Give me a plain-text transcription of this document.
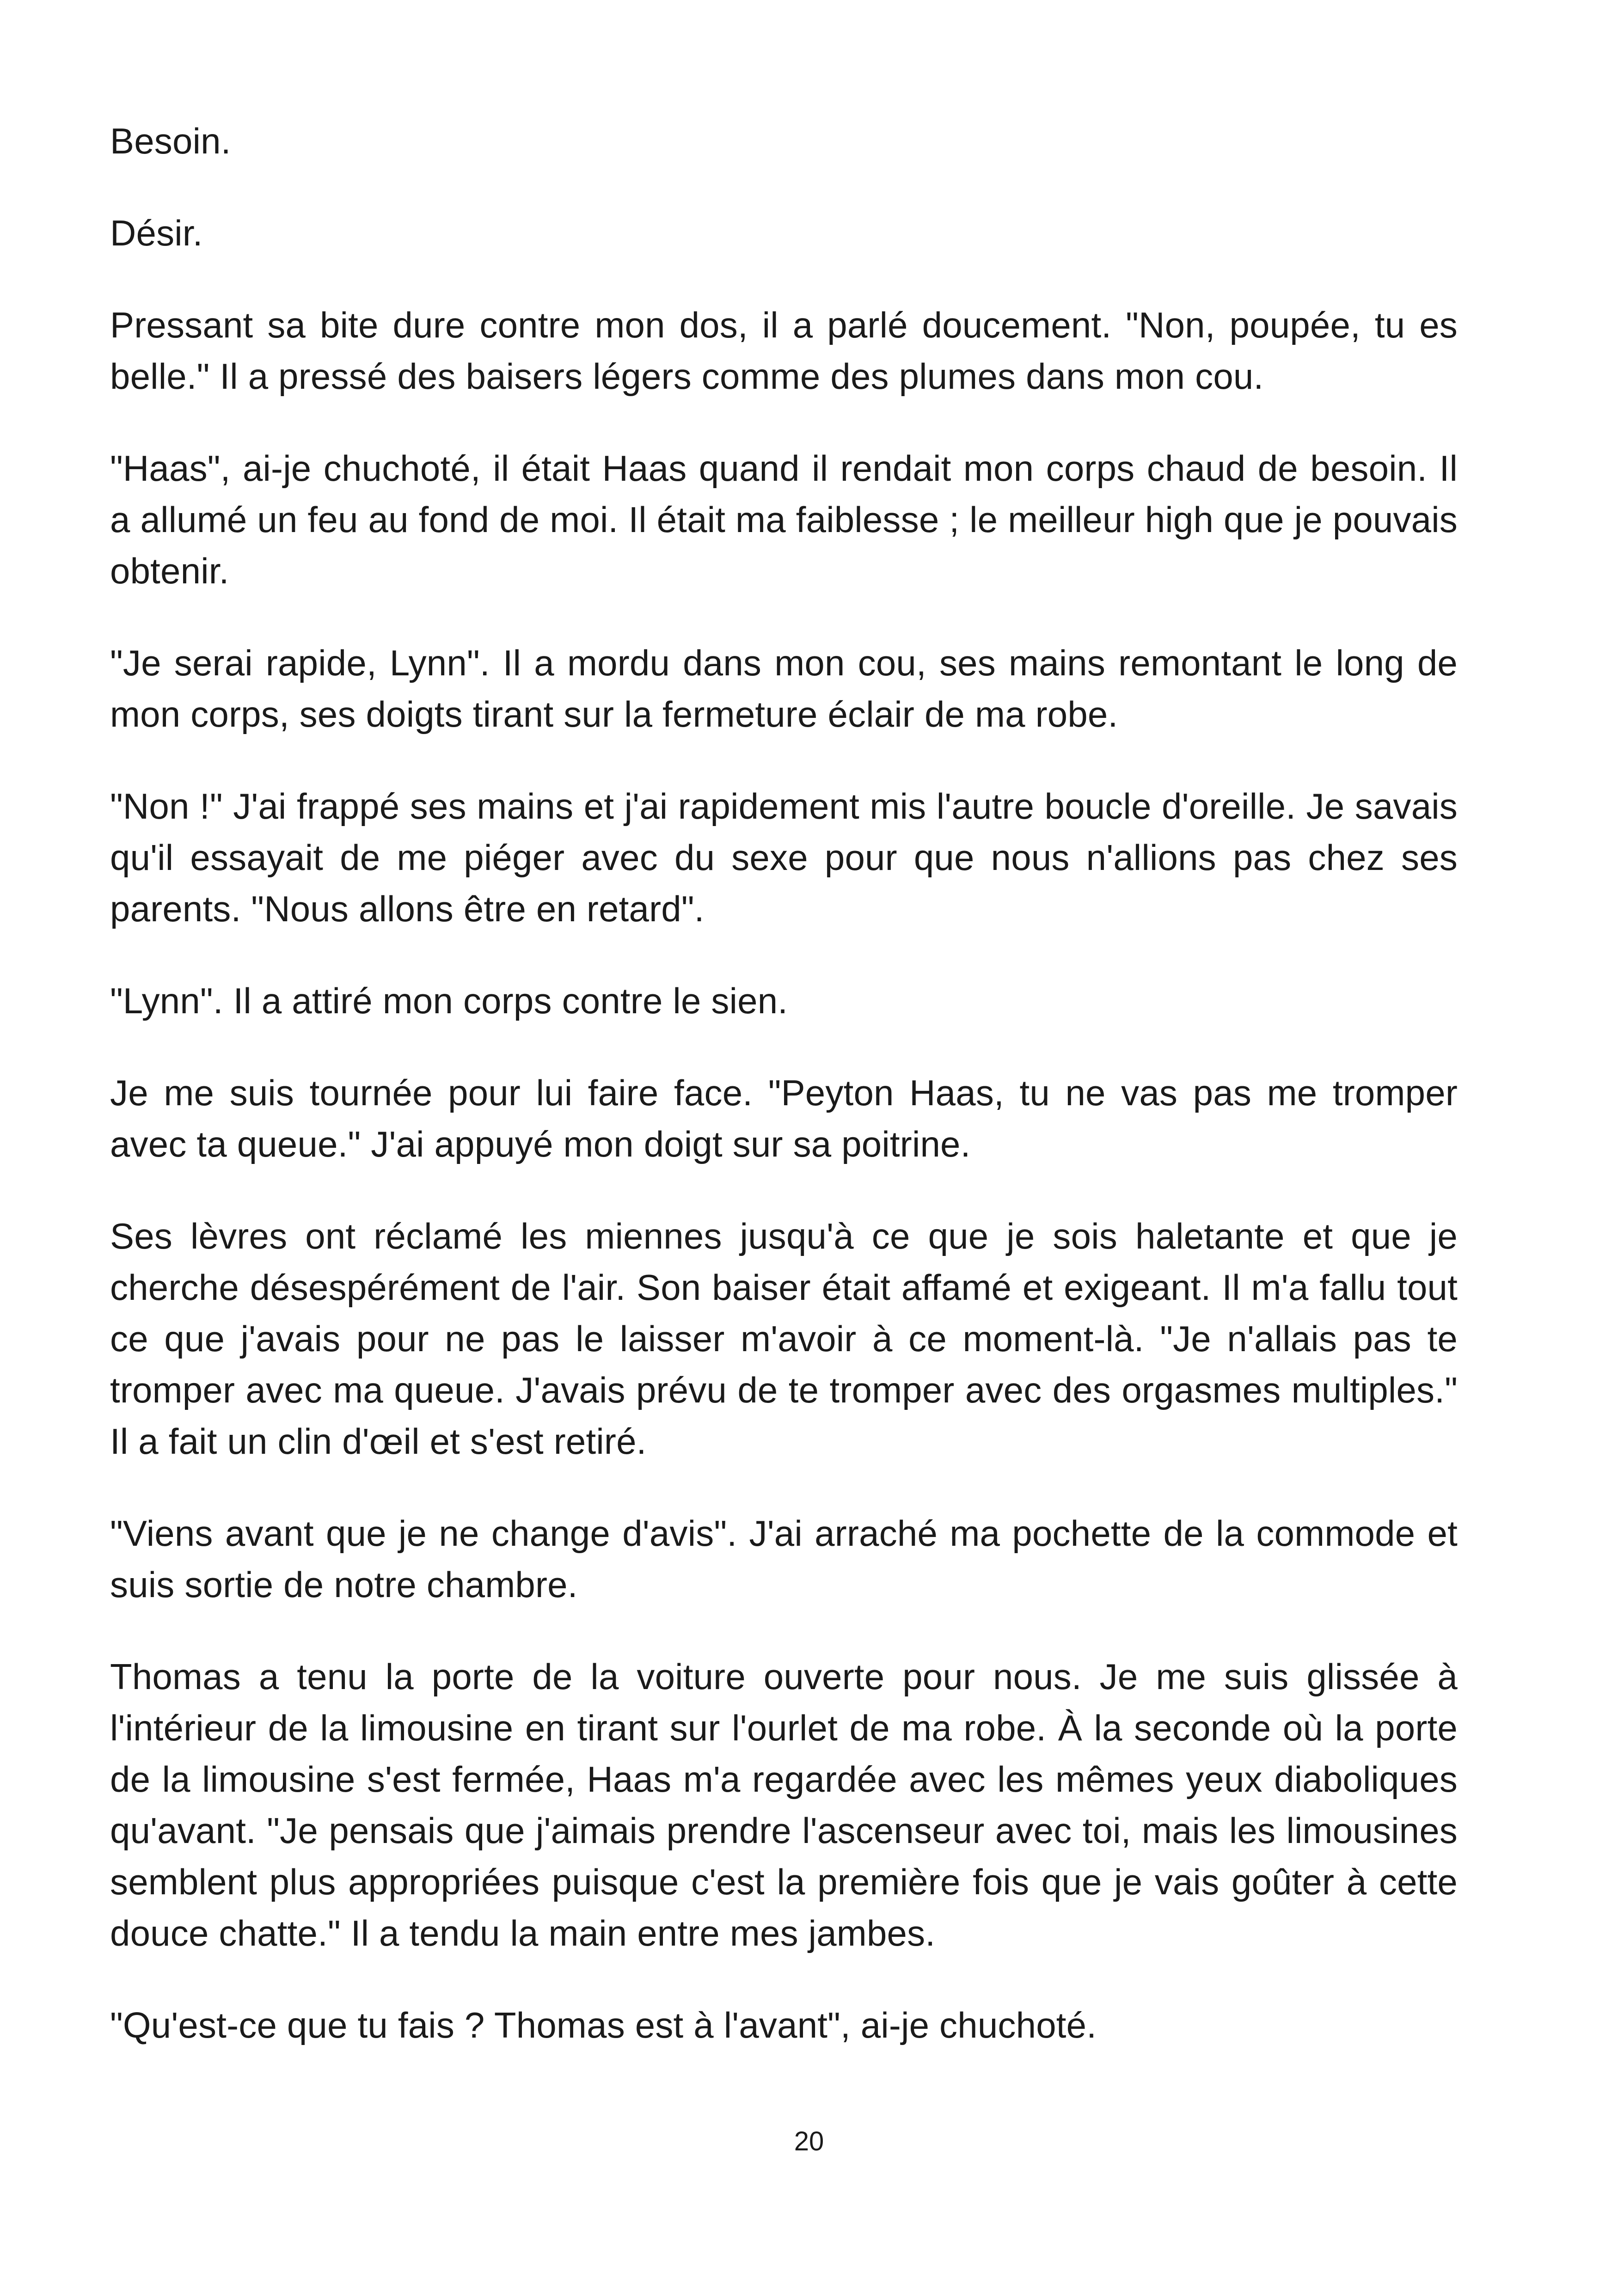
Besoin.

Désir.

Pressant sa bite dure contre mon dos, il a parlé doucement. "Non, poupée, tu es belle." Il a pressé des baisers légers comme des plumes dans mon cou.

"Haas", ai-je chuchoté, il était Haas quand il rendait mon corps chaud de besoin. Il a allumé un feu au fond de moi. Il était ma faiblesse ; le meilleur high que je pouvais obtenir.

"Je serai rapide, Lynn". Il a mordu dans mon cou, ses mains remontant le long de mon corps, ses doigts tirant sur la fermeture éclair de ma robe.

"Non !" J'ai frappé ses mains et j'ai rapidement mis l'autre boucle d'oreille. Je savais qu'il essayait de me piéger avec du sexe pour que nous n'allions pas chez ses parents. "Nous allons être en retard".

"Lynn". Il a attiré mon corps contre le sien.

Je me suis tournée pour lui faire face. "Peyton Haas, tu ne vas pas me tromper avec ta queue." J'ai appuyé mon doigt sur sa poitrine.

Ses lèvres ont réclamé les miennes jusqu'à ce que je sois haletante et que je cherche désespérément de l'air. Son baiser était affamé et exigeant. Il m'a fallu tout ce que j'avais pour ne pas le laisser m'avoir à ce moment-là. "Je n'allais pas te tromper avec ma queue. J'avais prévu de te tromper avec des orgasmes multiples." Il a fait un clin d'œil et s'est retiré.

"Viens avant que je ne change d'avis". J'ai arraché ma pochette de la commode et suis sortie de notre chambre.

Thomas a tenu la porte de la voiture ouverte pour nous. Je me suis glissée à l'intérieur de la limousine en tirant sur l'ourlet de ma robe. À la seconde où la porte de la limousine s'est fermée, Haas m'a regardée avec les mêmes yeux diaboliques qu'avant. "Je pensais que j'aimais prendre l'ascenseur avec toi, mais les limousines semblent plus appropriées puisque c'est la première fois que je vais goûter à cette douce chatte." Il a tendu la main entre mes jambes.

"Qu'est-ce que tu fais ? Thomas est à l'avant", ai-je chuchoté.

20
